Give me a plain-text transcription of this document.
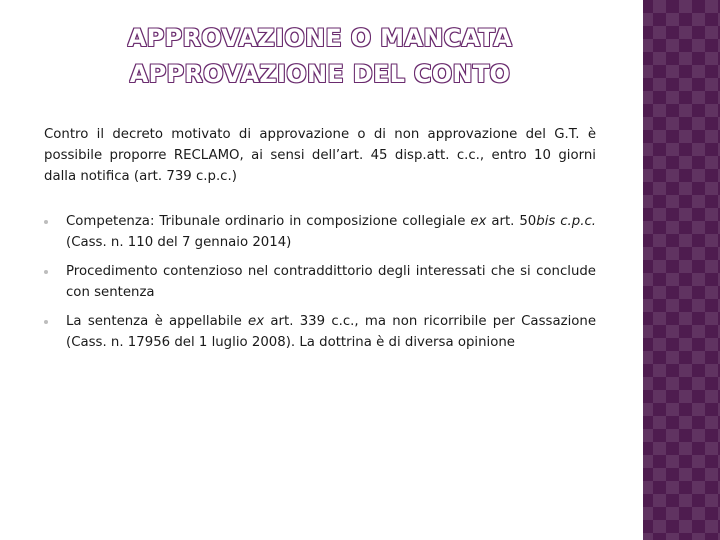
APPROVAZIONE O MANCATA
APPROVAZIONE DEL CONTO
Contro il decreto motivato di approvazione o di non approvazione del G.T. è possibile proporre RECLAMO, ai sensi dell’art. 45 disp.att. c.c., entro 10 giorni dalla notifica (art. 739 c.p.c.)
Competenza: Tribunale ordinario in composizione collegiale ex art. 50bis c.p.c. (Cass. n. 110 del 7 gennaio 2014)
Procedimento contenzioso nel contraddittorio degli interessati che si conclude con sentenza
La sentenza è appellabile ex art. 339 c.c., ma non ricorribile per Cassazione (Cass. n. 17956 del 1 luglio 2008). La dottrina è di diversa opinione
